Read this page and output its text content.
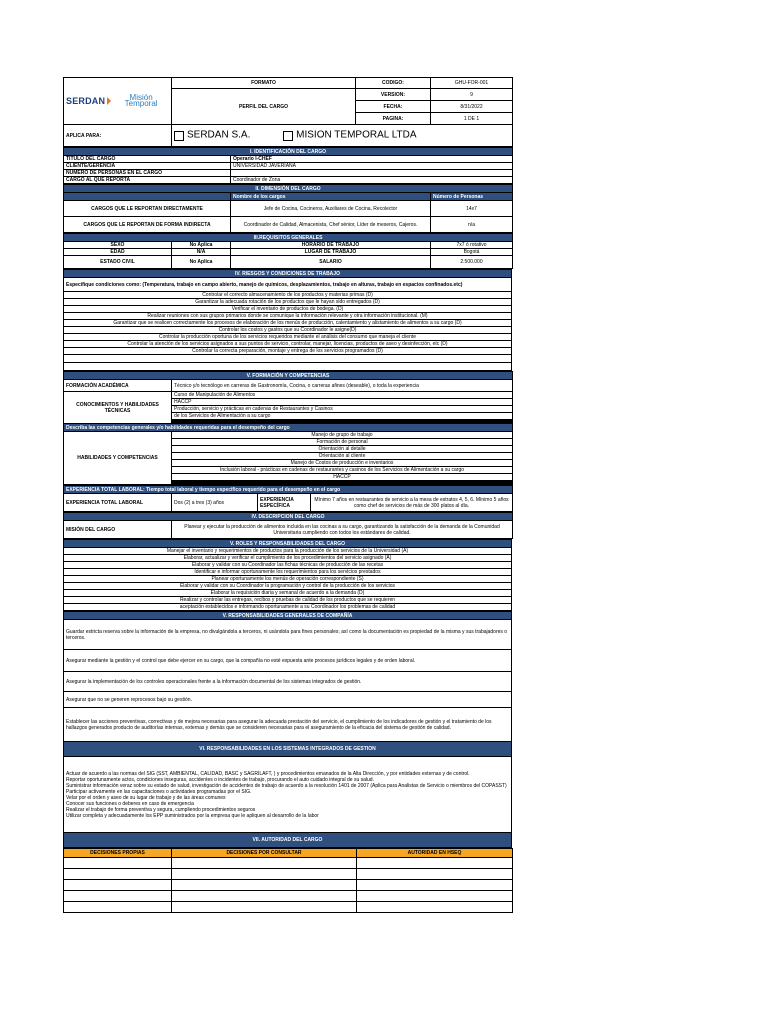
SERDAN Misión Temporal	FORMATO	CODIGO:	GHU-FOR-001
	PERFIL DEL CARGO	VERSION:	9
		FECHA:	8/31/2022
		PAGINA:	1 DE 1
APLICA PARA:	SERDAN S.A. MISION TEMPORAL LTDA		
I. IDENTIFICACIÓN DEL CARGO	
TITULO DEL CARGO	Operario I-CHEF
CLIENTE/GERENCIA	UNIVERSIDAD JAVERIANA
NUMERO DE PERSONAS EN EL CARGO	
CARGO AL QUE REPORTA	Coordinador de Zona
II. DIMENSIÓN DEL CARGO		
	Nombre de los cargos	Número de Personas
CARGOS QUE LE REPORTAN DIRECTAMENTE	Jefe de Cocina, Cocineros, Auxiliares de Cocina, Recolector	14x7
CARGOS QUE LE REPORTAN DE FORMA INDIRECTA	Coordinador de Calidad, Almacenista, Chef sénior, Líder de meseros, Cajeros.	n/a
III.REQUISITOS GENERALES			
SEXO	No Aplica	HORARIO DE TRABAJO	7x7 ó rotativo
EDAD	N/A	LUGAR DE TRABAJO	Bogotá
ESTADO CIVIL	No Aplica	SALARIO	2.500.000
IV. RIESGOS Y CONDICIONES DE TRABAJO
Especifique condiciones como: (Temperatura, trabajo en campo abierto, manejo de químicos, desplazamientos, trabajo en alturas, trabajo en espacios confinados.etc)
Controlar el correcto almacenamiento de los productos y materias primas (D)
Garantizar la adecuada rotación de los productos que le hayan sido entregados (D)
Verificar el inventario de productos de bodega. (D)
Realizar reuniones con sus grupos primarios donde se comunique la información relevante y otra información institucional. (M)
Garantizar que se realicen correctamente los procesos de elaboración de los menús de producción, calentamiento y alistamiento de alimentos a su cargo (D)
Controlar los costos y gastos que su Coordinador le asigne(D)
Controlar la producción oportuna de los servicios requeridos mediante el análisis del consumo que maneja el cliente
Controlar la atención de los servicios asignados a sus puntos de servicio, controlar, manejar, licencias, productos de aseo y desinfección, etc (D)
Controlar la correcta preparación, montaje y entrega de los servicios programados (D)

V. FORMACIÓN Y COMPETENCIAS	
FORMACIÓN ACADÉMICA	Técnico y/o tecnólogo en carreras de Gastronomía, Cocina, o carreras afines (deseable), o toda la experiencia
CONOCIMIENTOS Y HABILIDADES TÉCNICAS	Curso de Manipulación de Alimentos
	HACCP
	Producción, servicio y prácticas en cadenas de Restaurantes y Casinos
	de los Servicios de Alimentación a su cargo

Describa las competencias generales y/o habilidades requeridas para el desempeño del cargo	
HABILIDADES Y COMPETENCIAS	Manejo de grupo de trabajo
	Formación de personal
	Orientación al detalle
	Orientación al cliente
	Manejo de Costos de producción e inventarios
	Inclusión laboral - prácticas en cadenas de restaurantes y casinos de los Servicios de Alimentación a su cargo
	HACCP

EXPERIENCIA TOTAL LABORAL: Tiempo total laboral y tiempo especifico requerido para el desempeño en el cargo
EXPERIENCIA TOTAL LABORAL	Dos (2) a tres (3) años	EXPERIENCIA ESPECÍFICA	Mínimo 7 años en restaurantes de servicio a la mesa de estratos 4, 5, 6. Mínimo 5 años como chef de servicios de más de 300 platos al día.
IV. DESCRIPCION DEL CARGO
MISIÓN DEL CARGO	Planear y ejecutar la producción de alimentos incluida en las cocinas a su cargo, garantizando la satisfacción de la demanda de la Comunidad Universitaria cumpliendo con todos los estándares de calidad.
V. ROLES Y RESPONSABILIDADES DEL CARGO
Manejar el inventario y requerimientos de productos para la producción de los servicios de la Universidad (A)
Elaborar, actualizar y verificar el cumplimiento de los procedimientos del servicio asignado (A)
Elaborar y validar con su Coordinador las fichas técnicas de producción de las recetas
Identificar e informar oportunamente los requerimientos para los servicios prestados
Planear oportunamente los menús de operación correspondiente (S)
Elaborar y validar con su Coordinador la programación y control de la producción de los servicios
Elaborar la requisición diaria y semanal de acuerdo a la demanda (D)
Realizar y controlar las entregas, recibos y pruebas de calidad de los productos que se requieren
aceptación establecidos e informando oportunamente a su Coordinador los problemas de calidad
V. RESPONSABILIDADES GENERALES DE COMPAÑÍA
Guardar estricta reserva sobre la información de la empresa, no divulgándola a terceros, ni usándola para fines personales; así como la documentación es propiedad de la misma y sus trabajadores o terceros.
Asegurar mediante la gestión y el control que debe ejercer en su cargo, que la compañía no esté expuesta ante procesos jurídicos legales y de orden laboral.
Asegurar la implementación de los controles operacionales frente a la información documental de los sistemas integrados de gestión.
Asegurar que no se generen reprocesos bajo su gestión.
Establecer las acciones preventivas, correctivas y de mejora necesarias para asegurar la adecuada prestación del servicio, el cumplimiento de los indicadores de gestión y el tratamiento de los hallazgos generados producto de auditorías internas, externas y demás que se consideren necesarias para el aseguramiento de la eficacia del sistema de gestión de calidad.
VI. RESPONSABILIDADES EN LOS SISTEMAS INTEGRADOS DE GESTION

Actuar de acuerdo a las normas del SIG (SST, AMBIENTAL, CALIDAD, BASC y SAGRILAFT, ) y procedimientos emanados de la Alta Dirección, y por entidades externas y de control.
Reportar oportunamente actos, condiciones inseguras, accidentes o incidentes de trabajo, procurando el auto cuidado integral de su salud.
Suministrar información veraz sobre su estado de salud, investigación de accidentes de trabajo de acuerdo a la resolución 1401 de 2007 (Aplica para Analistas de Servicio o miembros del COPASST)
Participar activamente en las capacitaciones o actividades programadas por el SIG.
Velar por el orden y aseo de su lugar de trabajo y de las áreas comunes
Conocer sus funciones o deberes en caso de emergencia
Realizar el trabajo de forma preventiva y segura, cumpliendo procedimientos seguros
Utilizar completa y adecuadamente los EPP suministrados por la empresa que le apliquen al desarrollo de la labor

VII. AUTORIDAD DEL CARGO
DECISIONES PROPIAS	DECISIONES POR CONSULTAR	AUTORIDAD EN HSEQ
